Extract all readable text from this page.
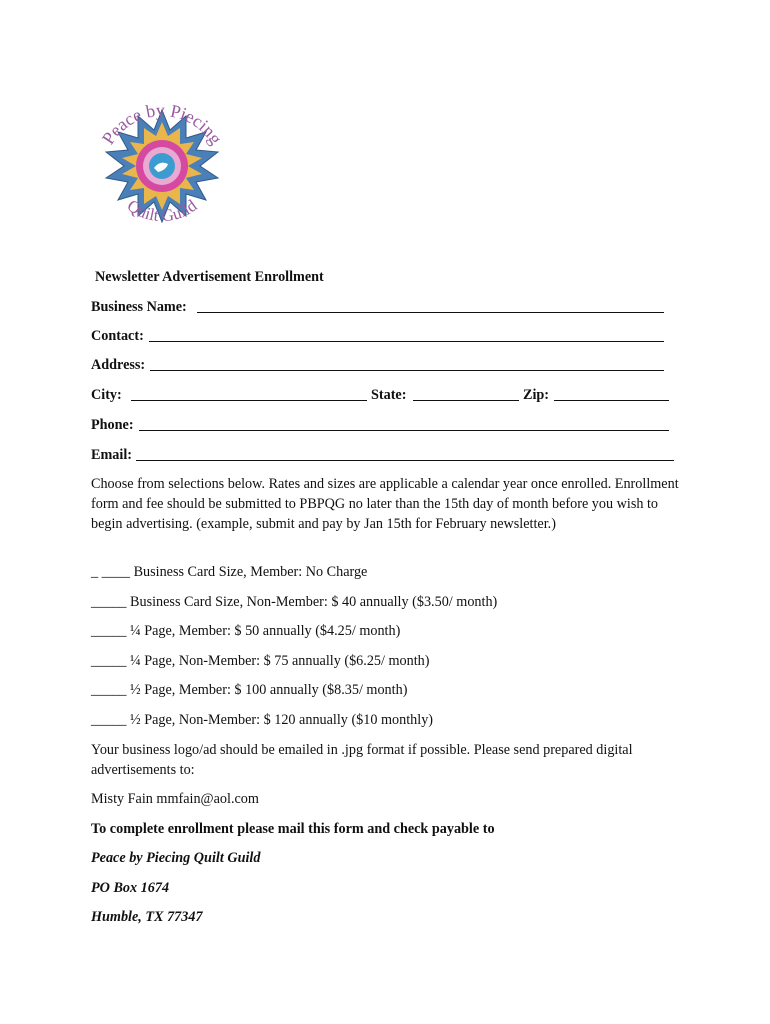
Peace by Piecing
Quilt Guild
Newsletter Advertisement Enrollment
Business Name:
Contact:
Address:
City:	State:	Zip:
Phone:
Email:
Choose from selections below. Rates and sizes are applicable a calendar year once enrolled. Enrollment form and fee should be submitted to PBPQG no later than the 15th day of month before you wish to begin advertising. (example, submit and pay by Jan 15th for February newsletter.)
_ ____ Business Card Size, Member: No Charge
_____ Business Card Size, Non-Member: $ 40 annually ($3.50/ month)
_____ ¼ Page, Member: $ 50 annually ($4.25/ month)
_____ ¼ Page, Non-Member: $ 75 annually ($6.25/ month)
_____ ½ Page, Member: $ 100 annually ($8.35/ month)
_____ ½ Page, Non-Member: $ 120 annually ($10 monthly)
Your business logo/ad should be emailed in .jpg format if possible. Please send prepared digital advertisements to:
Misty Fain mmfain@aol.com
To complete enrollment please mail this form and check payable to
Peace by Piecing Quilt Guild
PO Box 1674
Humble, TX 77347
